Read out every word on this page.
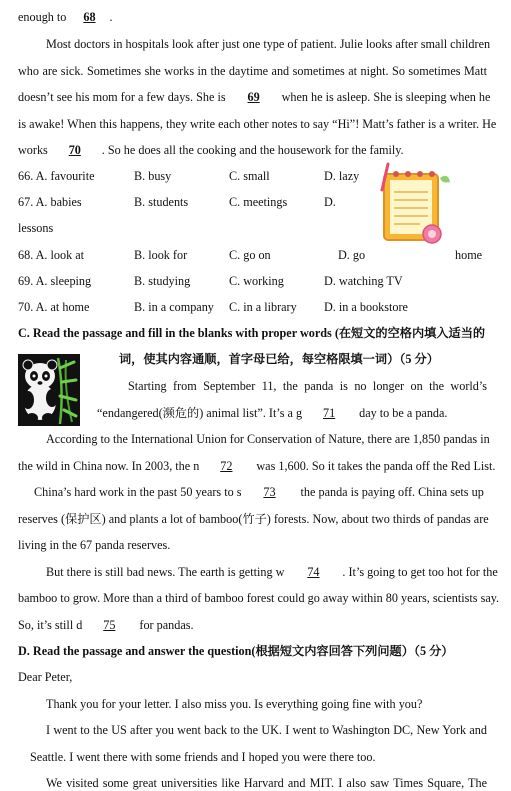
enough to 68 .
Most doctors in hospitals look after just one type of patient. Julie looks after small children
who are sick. Sometimes she works in the daytime and sometimes at night. So sometimes Matt
doesn’t see his mom for a few days. She is 69 when he is asleep. She is sleeping when he
is awake! When this happens, they write each other notes to say “Hi”! Matt’s father is a writer. He
works 70 . So he does all the cooking and the housework for the family.
66. A. favourite	B. busy	C. small	D. lazy
67. A. babies	B. students	C. meetings	D.
lessons
68. A. look at	B. look for	C. go on	D. go	home
69. A. sleeping	B. studying	C. working	D. watching TV
70. A. at home	B. in a company C. in a library D. in a bookstore
C. Read the passage and fill in the blanks with proper words (在短文的空格内填入适当的
词，使其内容通顺，首字母已给，每空格限填一词）（5 分）
Starting from September 11, the panda is no longer on the world’s
“endangered(濒危的) animal list”. It’s a g 71 day to be a panda.
According to the International Union for Conservation of Nature, there are 1,850 pandas in
the wild in China now. In 2003, the n 72 was 1,600. So it takes the panda off the Red List.
China’s hard work in the past 50 years to s 73 the panda is paying off. China sets up
reserves (保护区) and plants a lot of bamboo(竹子) forests. Now, about two thirds of pandas are
living in the 67 panda reserves.
But there is still bad news. The earth is getting w 74 . It’s going to get too hot for the
bamboo to grow. More than a third of bamboo forest could go away within 80 years, scientists say.
So, it’s still d 75 for pandas.
D. Read the passage and answer the question(根据短文内容回答下列问题）（5 分）
Dear Peter,
Thank you for your letter. I also miss you. Is everything going fine with you?
I went to the US after you went back to the UK. I went to Washington DC, New York and
Seattle. I went there with some friends and I hoped you were there too.
We visited some great universities like Harvard and MIT. I also saw Times Square, The
